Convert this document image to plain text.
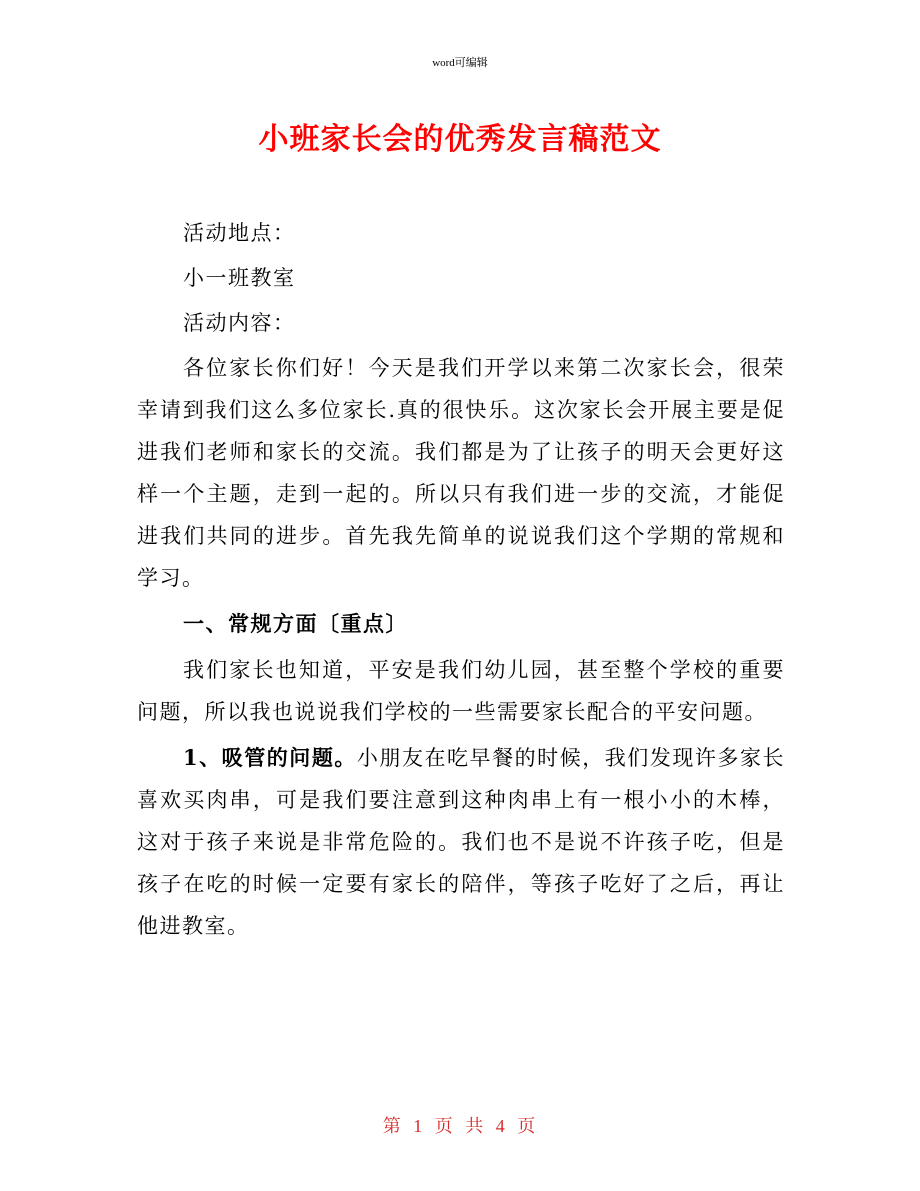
word可编辑
小班家长会的优秀发言稿范文

活动地点：

小一班教室

活动内容：

各位家长你们好！今天是我们开学以来第二次家长会，很荣幸请到我们这么多位家长.真的很快乐。这次家长会开展主要是促进我们老师和家长的交流。我们都是为了让孩子的明天会更好这样一个主题，走到一起的。所以只有我们进一步的交流，才能促进我们共同的进步。首先我先简单的说说我们这个学期的常规和学习。

一、常规方面〔重点〕

我们家长也知道，平安是我们幼儿园，甚至整个学校的重要问题，所以我也说说我们学校的一些需要家长配合的平安问题。

1、吸管的问题。小朋友在吃早餐的时候，我们发现许多家长喜欢买肉串，可是我们要注意到这种肉串上有一根小小的木棒，这对于孩子来说是非常危险的。我们也不是说不许孩子吃，但是孩子在吃的时候一定要有家长的陪伴，等孩子吃好了之后，再让他进教室。

第 1 页 共 4 页
